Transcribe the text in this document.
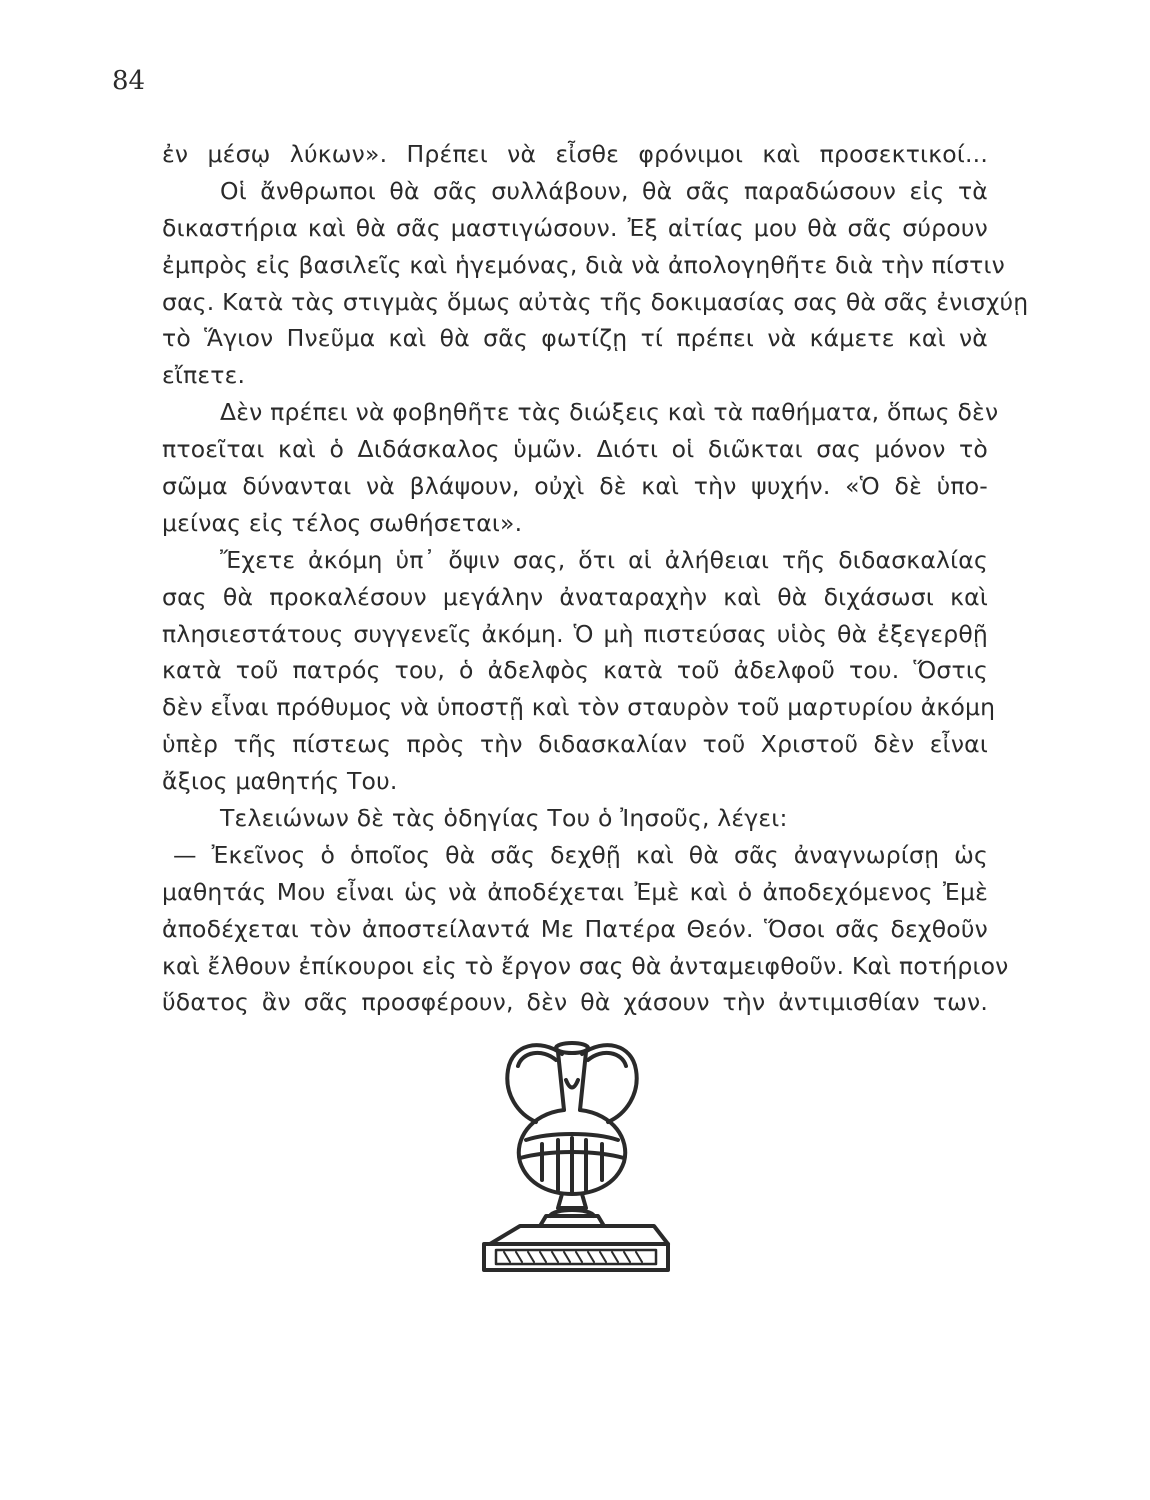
84
ἐν μέσῳ λύκων». Πρέπει νὰ εἶσθε φρόνιμοι καὶ προσεκτικοί...
Οἱ ἄνθρωποι θὰ σᾶς συλλάβουν, θὰ σᾶς παραδώσουν εἰς τὰ
δικαστήρια καὶ θὰ σᾶς μαστιγώσουν. Ἐξ αἰτίας μου θὰ σᾶς σύρουν
ἐμπρὸς εἰς βασιλεῖς καὶ ἡγεμόνας, διὰ νὰ ἀπολογηθῆτε διὰ τὴν πίστιν
σας. Κατὰ τὰς στιγμὰς ὅμως αὐτὰς τῆς δοκιμασίας σας θὰ σᾶς ἐνισχύῃ
τὸ Ἅγιον Πνεῦμα καὶ θὰ σᾶς φωτίζῃ τί πρέπει νὰ κάμετε καὶ νὰ
εἴπετε.
Δὲν πρέπει νὰ φοβηθῆτε τὰς διώξεις καὶ τὰ παθήματα, ὅπως δὲν
πτοεῖται καὶ ὁ Διδάσκαλος ὑμῶν. Διότι οἱ διῶκται σας μόνον τὸ
σῶμα δύνανται νὰ βλάψουν, οὐχὶ δὲ καὶ τὴν ψυχήν. «Ὁ δὲ ὑπο-
μείνας εἰς τέλος σωθήσεται».
Ἔχετε ἀκόμη ὑπ᾽ ὄψιν σας, ὅτι αἱ ἀλήθειαι τῆς διδασκαλίας
σας θὰ προκαλέσουν μεγάλην ἀναταραχὴν καὶ θὰ διχάσωσι καὶ
πλησιεστάτους συγγενεῖς ἀκόμη. Ὁ μὴ πιστεύσας υἱὸς θὰ ἐξεγερθῇ
κατὰ τοῦ πατρός του, ὁ ἀδελφὸς κατὰ τοῦ ἀδελφοῦ του. Ὅστις
δὲν εἶναι πρόθυμος νὰ ὑποστῇ καὶ τὸν σταυρὸν τοῦ μαρτυρίου ἀκόμη
ὑπὲρ τῆς πίστεως πρὸς τὴν διδασκαλίαν τοῦ Χριστοῦ δὲν εἶναι
ἄξιος μαθητής Του.
Τελειώνων δὲ τὰς ὁδηγίας Του ὁ Ἰησοῦς, λέγει:
— Ἐκεῖνος ὁ ὁποῖος θὰ σᾶς δεχθῇ καὶ θὰ σᾶς ἀναγνωρίσῃ ὡς
μαθητάς Μου εἶναι ὡς νὰ ἀποδέχεται Ἐμὲ καὶ ὁ ἀποδεχόμενος Ἐμὲ
ἀποδέχεται τὸν ἀποστείλαντά Με Πατέρα Θεόν. Ὅσοι σᾶς δεχθοῦν
καὶ ἔλθουν ἐπίκουροι εἰς τὸ ἔργον σας θὰ ἀνταμειφθοῦν. Καὶ ποτήριον
ὕδατος ἂν σᾶς προσφέρουν, δὲν θὰ χάσουν τὴν ἀντιμισθίαν των.
